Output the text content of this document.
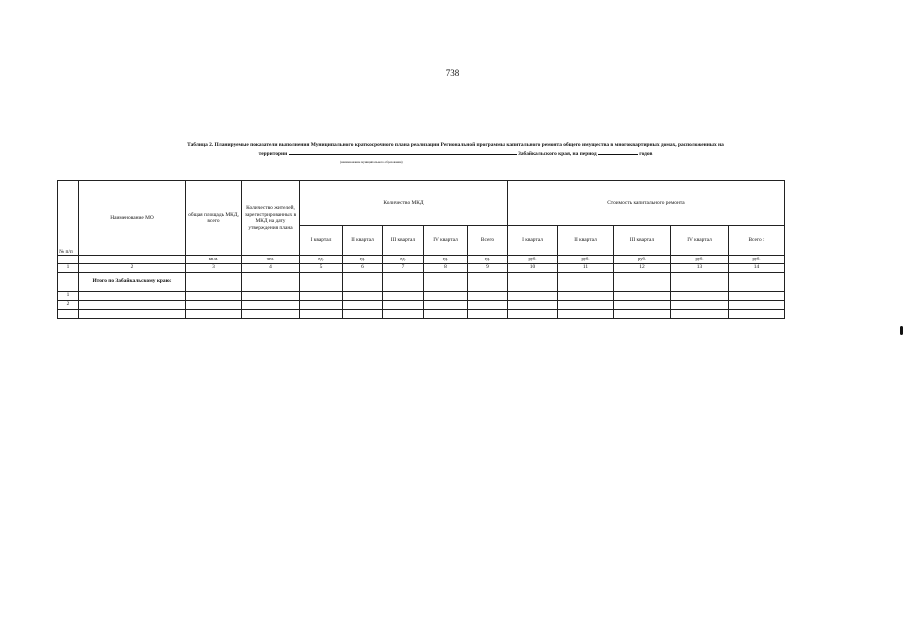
738
Таблица 2. Планируемые показатели выполнения Муниципального краткосрочного плана реализации Региональной программы капитального ремонта общего имущества в многоквартирных домах, расположенных на
территории	Забайкальского края, на период	годов
(наименование муниципального образования)
№ п/п	Наименование МО	общая площадь МКД, всего	Количество жителей, зарегистрированных в МКД на дату утверждения плана	Количество МКД					Стоимость капитального ремонта				
				I квартал	II квартал	III квартал	IV квартал	Всего	I квартал	II квартал	III квартал	IV квартал	Всего :
		кв.м.	чел.	ед.	ед.	ед.	ед.	ед.	руб.	руб.	руб.	руб.	руб.
1	2	3	4	5	6	7	8	9	10	11	12	13	14
	Итого по Забайкальскому краю:												
1													
2													
